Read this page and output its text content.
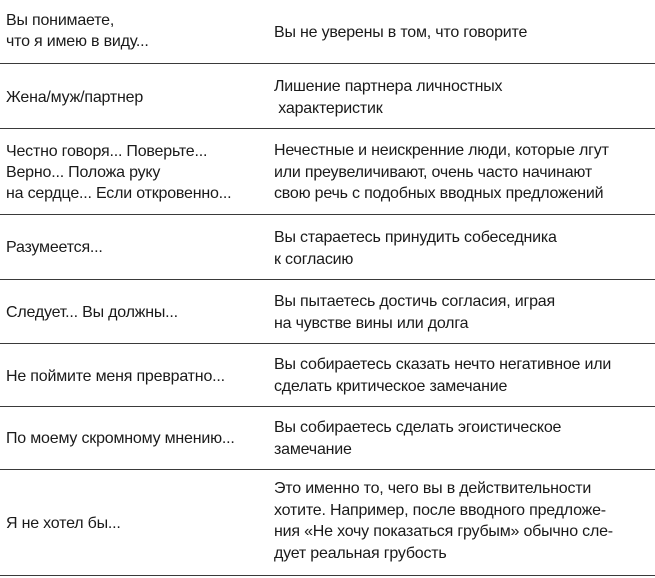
Вы понимаете,
что я имею в виду...
Вы не уверены в том, что говорите
Жена/муж/партнер
Лишение партнера личностных
характеристик
Честно говоря... Поверьте...
Верно... Положа руку
на сердце... Если откровенно...
Нечестные и неискренние люди, которые лгут
или преувеличивают, очень часто начинают
свою речь с подобных вводных предложений
Разумеется...
Вы стараетесь принудить собеседника
к согласию
Следует... Вы должны...
Вы пытаетесь достичь согласия, играя
на чувстве вины или долга
Не поймите меня превратно...
Вы собираетесь сказать нечто негативное или
сделать критическое замечание
По моему скромному мнению...
Вы собираетесь сделать эгоистическое
замечание
Я не хотел бы...
Это именно то, чего вы в действительности
хотите. Например, после вводного предложе-
ния «Не хочу показаться грубым» обычно сле-
дует реальная грубость
